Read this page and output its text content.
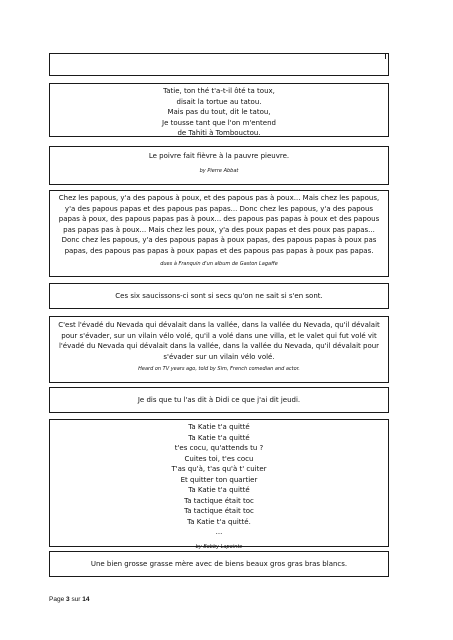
Tatie, ton thé t'a-t-il ôté ta toux,
disait la tortue au tatou.
Mais pas du tout, dit le tatou,
Je tousse tant que l'on m'entend
de Tahiti à Tombouctou.
Le poivre fait fièvre à la pauvre pieuvre.
by Pierre Abbat
Chez les papous, y'a des papous à poux, et des papous pas à poux... Mais chez les papous, y'a des papous papas et des papous pas papas... Donc chez les papous, y'a des papous papas à poux, des papous papas pas à poux... des papous pas papas à poux et des papous pas papas pas à poux... Mais chez les poux, y'a des poux papas et des poux pas papas... Donc chez les papous, y'a des papous papas à poux papas, des papous papas à poux pas papas, des papous pas papas à poux papas et des papous pas papas à poux pas papas.
dues à Franquin d'un album de Gaston Lagaffe
Ces six saucissons-ci sont si secs qu'on ne sait si s'en sont.
C'est l'évadé du Nevada qui dévalait dans la vallée, dans la vallée du Nevada, qu'il dévalait pour s'évader, sur un vilain vélo volé, qu'il a volé dans une villa, et le valet qui fut volé vit l'évadé du Nevada qui dévalait dans la vallée, dans la vallée du Nevada, qu'il dévalait pour s'évader sur un vilain vélo volé.
Heard on TV years ago, told by Sim, French comedian and actor.
Je dis que tu l'as dit à Didi ce que j'ai dit jeudi.
Ta Katie t'a quitté
Ta Katie t'a quitté
t'es cocu, qu'attends tu ?
Cuites toi, t'es cocu
T'as qu'à, t'as qu'à t' cuiter
Et quitter ton quartier
Ta Katie t'a quitté
Ta tactique était toc
Ta tactique était toc
Ta Katie t'a quitté.
...
by Bobby Lapointe
Une bien grosse grasse mère avec de biens beaux gros gras bras blancs.
Page 3 sur 14
